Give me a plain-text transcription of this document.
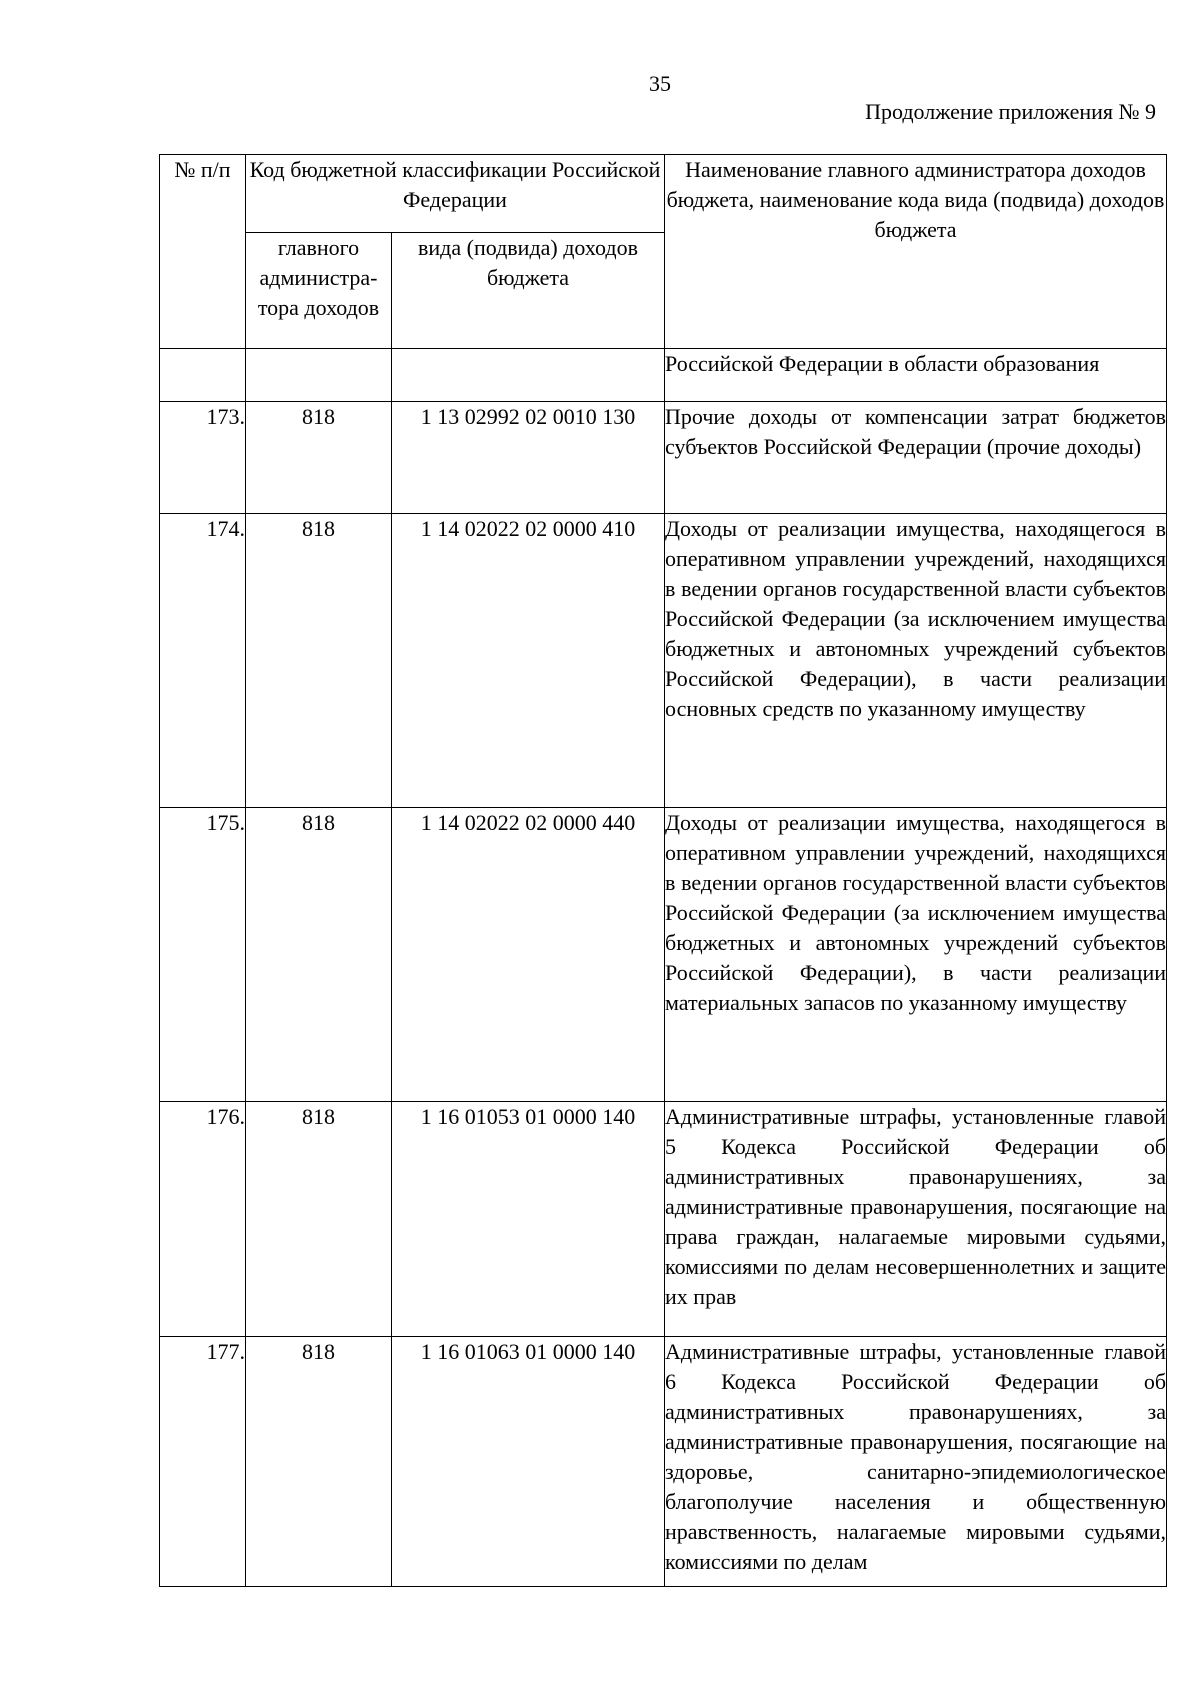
35
Продолжение приложения № 9
№ п/п	Код бюджетной классификации Российской Федерации		Наименование главного администратора доходов бюджета, наименование кода вида (подвида) доходов бюджета
	главного администра-тора доходов	вида (подвида) доходов бюджета	
			Российской Федерации в области образования
173.	818	1 13 02992 02 0010 130	Прочие доходы от компенсации затрат бюджетов субъектов Российской Федерации (прочие доходы)
174.	818	1 14 02022 02 0000 410	Доходы от реализации имущества, находящегося в оперативном управлении учреждений, находящихся в ведении органов государственной власти субъектов Российской Федерации (за исключением имущества бюджетных и автономных учреждений субъектов Российской Федерации), в части реализации основных средств по указанному имуществу
175.	818	1 14 02022 02 0000 440	Доходы от реализации имущества, находящегося в оперативном управлении учреждений, находящихся в ведении органов государственной власти субъектов Российской Федерации (за исключением имущества бюджетных и автономных учреждений субъектов Российской Федерации), в части реализации материальных запасов по указанному имуществу
176.	818	1 16 01053 01 0000 140	Административные штрафы, установленные главой 5 Кодекса Российской Федерации об административных правонарушениях, за административные правонарушения, посягающие на права граждан, налагаемые мировыми судьями, комиссиями по делам несовершеннолетних и защите их прав
177.	818	1 16 01063 01 0000 140	Административные штрафы, установленные главой 6 Кодекса Российской Федерации об административных правонарушениях, за административные правонарушения, посягающие на здоровье, санитарно-эпидемиологическое благополучие населения и общественную нравственность, налагаемые мировыми судьями, комиссиями по делам
